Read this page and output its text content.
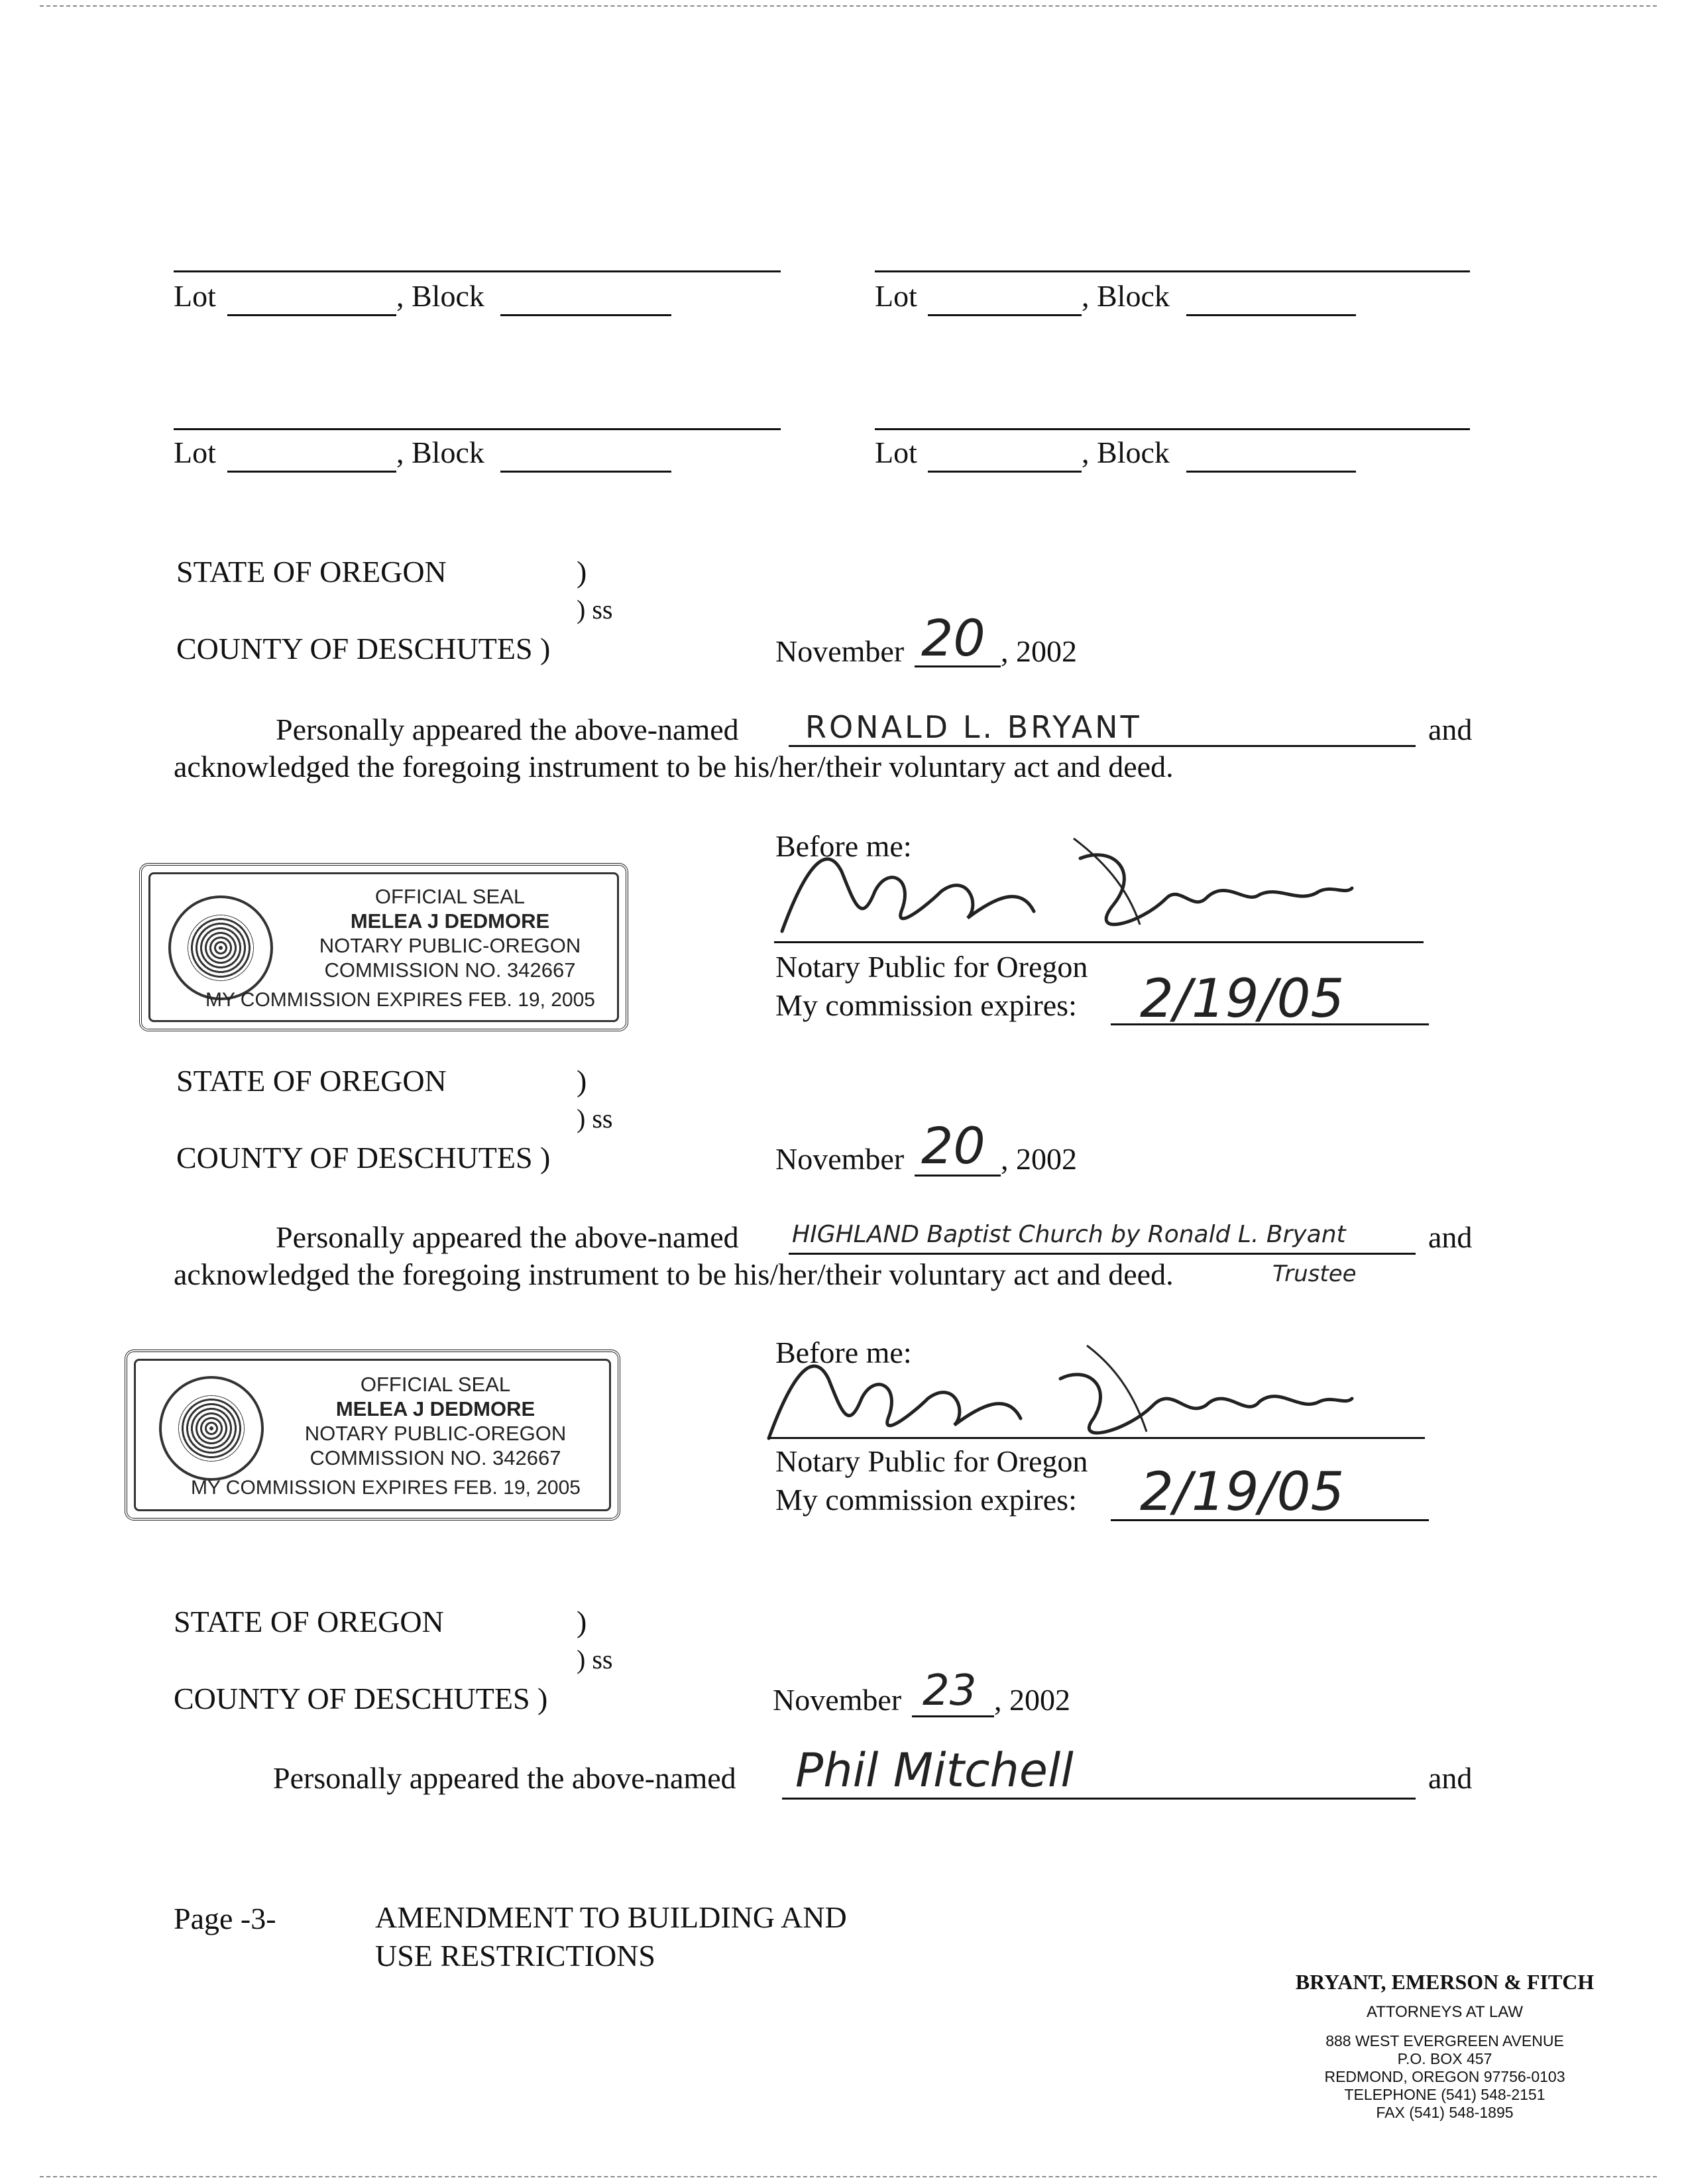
Lot	, Block	Lot	, Block
Lot	, Block	Lot	, Block
STATE OF OREGON	)
) ss
COUNTY OF DESCHUTES )	November 20 , 2002
Personally appeared the above-named RONALD L. BRYANT	and
acknowledged the foregoing instrument to be his/her/their voluntary act and deed.
OFFICIAL SEAL
MELEA J DEDMORE
NOTARY PUBLIC-OREGON
COMMISSION NO. 342667
MY COMMISSION EXPIRES FEB. 19, 2005
Before me:
Notary Public for Oregon
My commission expires: 2/19/05
STATE OF OREGON	)
) ss
COUNTY OF DESCHUTES )	November 20 , 2002
Personally appeared the above-named HIGHLAND Baptist Church by Ronald L. Bryant	and
acknowledged the foregoing instrument to be his/her/their voluntary act and deed.	Trustee
OFFICIAL SEAL
MELEA J DEDMORE
NOTARY PUBLIC-OREGON
COMMISSION NO. 342667
MY COMMISSION EXPIRES FEB. 19, 2005
Before me:
Notary Public for Oregon
My commission expires: 2/19/05
STATE OF OREGON	)
) ss
COUNTY OF DESCHUTES )	November 23 , 2002
Personally appeared the above-named Phil Mitchell	and
Page -3-	AMENDMENT TO BUILDING AND
USE RESTRICTIONS
BRYANT, EMERSON & FITCH
ATTORNEYS AT LAW
888 WEST EVERGREEN AVENUE
P.O. BOX 457
REDMOND, OREGON 97756-0103
TELEPHONE (541) 548-2151
FAX (541) 548-1895
